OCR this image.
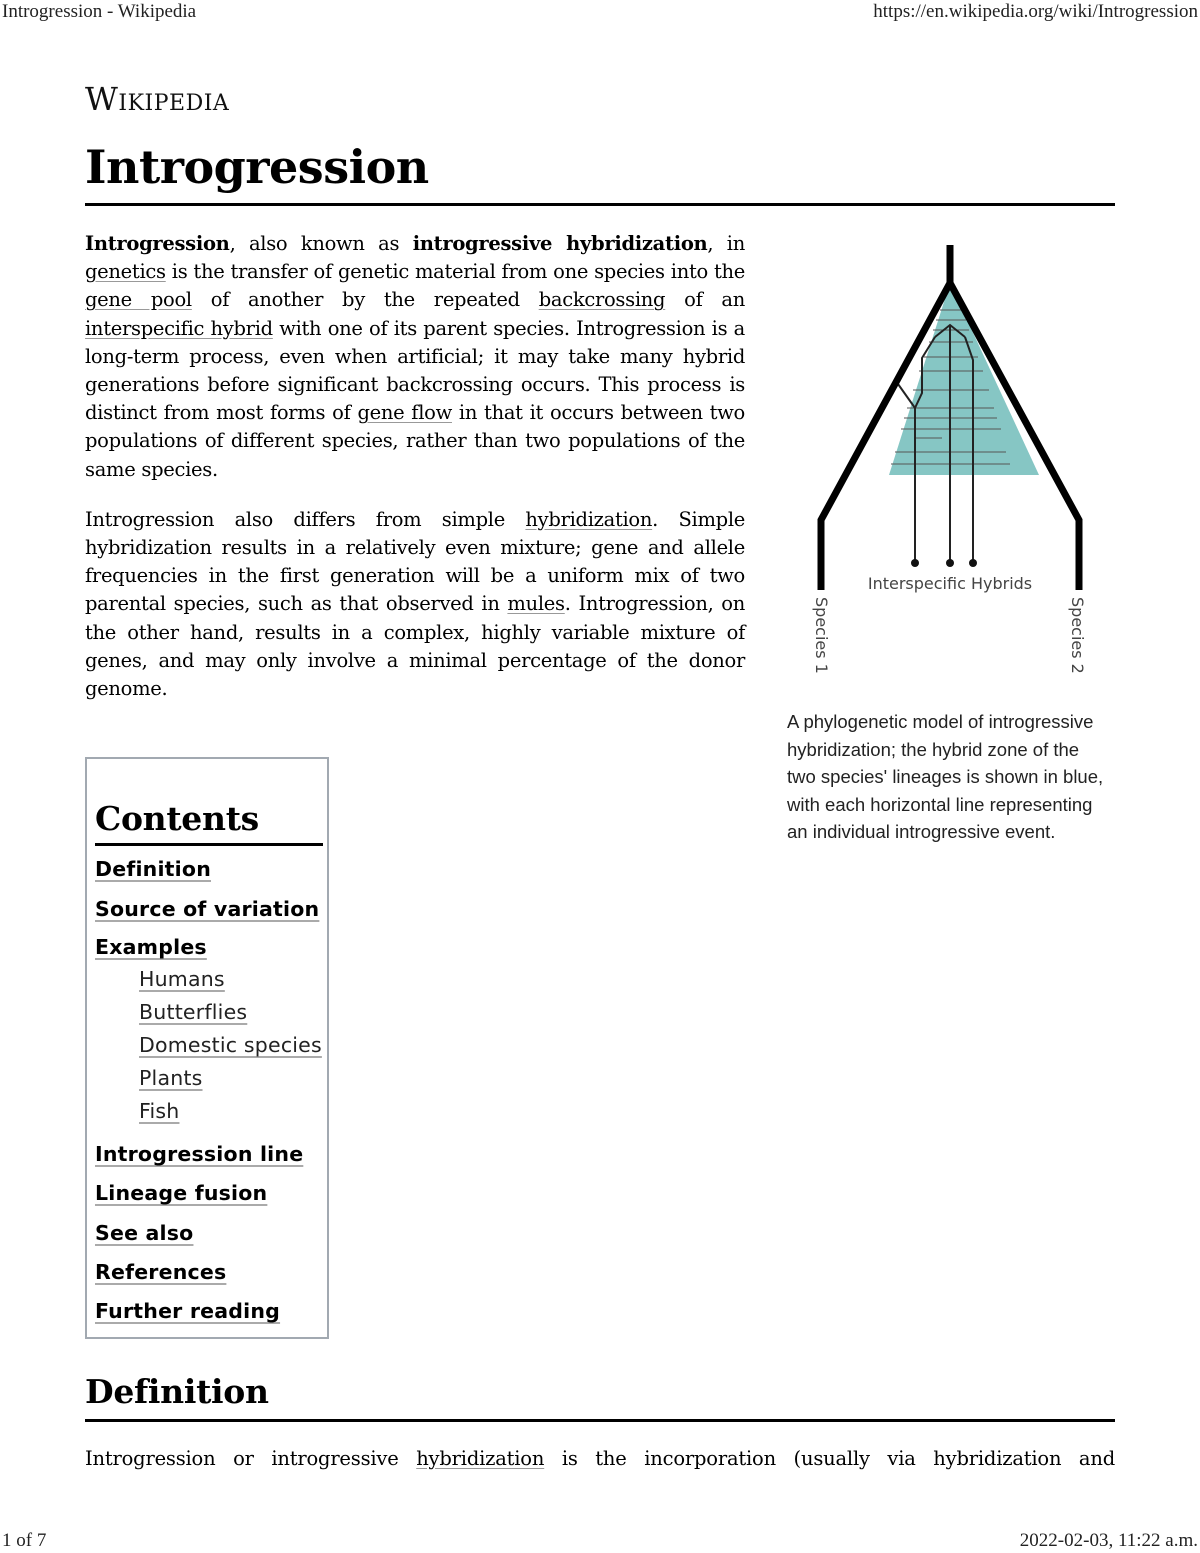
Introgression - Wikipedia	https://en.wikipedia.org/wiki/Introgression
Wikipedia
Introgression

Introgression, also known as introgressive hybridization, in genetics is the transfer of genetic material from one species into the gene pool of another by the repeated backcrossing of an interspecific hybrid with one of its parent species. Introgression is a long-term process, even when artificial; it may take many hybrid generations before significant backcrossing occurs. This process is distinct from most forms of gene flow in that it occurs between two populations of different species, rather than two populations of the same species.

Introgression also differs from simple hybridization. Simple hybridization results in a relatively even mixture; gene and allele frequencies in the first generation will be a uniform mix of two parental species, such as that observed in mules. Introgression, on the other hand, results in a complex, highly variable mixture of genes, and may only involve a minimal percentage of the donor genome.

Interspecific Hybrids
Species 1	Species 2
A phylogenetic model of introgressive hybridization; the hybrid zone of the two species' lineages is shown in blue, with each horizontal line representing an individual introgressive event.
Contents
Definition
Source of variation
Examples
Humans
Butterflies
Domestic species
Plants
Fish
Introgression line
Lineage fusion
See also
References
Further reading
Definition

Introgression or introgressive hybridization is the incorporation (usually via hybridization and

1 of 7	2022-02-03, 11:22 a.m.
